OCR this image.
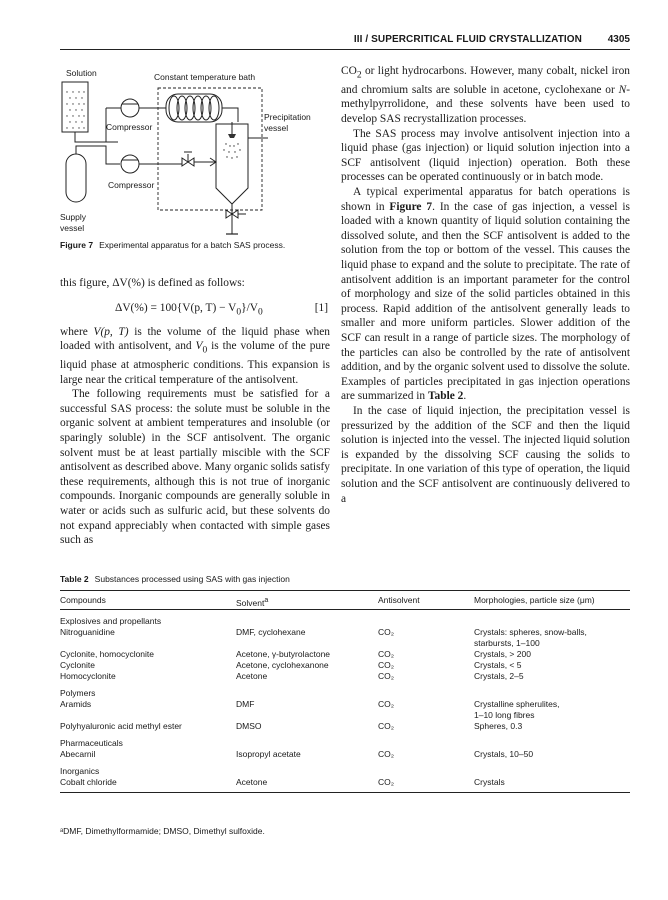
III / SUPERCRITICAL FLUID CRYSTALLIZATION	4305
Solution
Compressor
Constant temperature bath
Precipitation
vessel
Supply
vessel
Compressor
Figure 7 Experimental apparatus for a batch SAS process.

this figure, ΔV(%) is defined as follows:

ΔV(%) = 100{V(p, $T) - V_0\}/V_0$	[1]

where V(p, T) is the volume of the liquid phase when loaded with antisolvent, and $V_0$ is the volume of the pure liquid phase at atmospheric conditions. This expansion is large near the critical temperature of the antisolvent.

The following requirements must be satisfied for a successful SAS process: the solute must be soluble in the organic solvent at ambient temperatures and insoluble (or sparingly soluble) in the SCF antisolvent. The organic solvent must be at least partially miscible with the SCF antisolvent as described above. Many organic solids satisfy these requirements, although this is not true of inorganic compounds. Inorganic compounds are generally soluble in water or acids such as sulfuric acid, but these solvents do not expand appreciably when contacted with simple gases such as

$CO_2$ or light hydrocarbons. However, many cobalt, nickel iron and chromium salts are soluble in acetone, cyclohexane or N-methylpyrrolidone, and these solvents have been used to develop SAS recrystallization processes.

The SAS process may involve antisolvent injection into a liquid phase (gas injection) or liquid solution injection into a SCF antisolvent (liquid injection) operation. Both these processes can be operated continuously or in batch mode.

A typical experimental apparatus for batch operations is shown in Figure 7. In the case of gas injection, a vessel is loaded with a known quantity of liquid solution containing the dissolved solute, and then the SCF antisolvent is added to the solution from the top or bottom of the vessel. This causes the liquid phase to expand and the solute to precipitate. The rate of antisolvent addition is an important parameter for the control of morphology and size of the solid particles obtained in this process. Rapid addition of the antisolvent generally leads to smaller and more uniform particles. Slower addition of the SCF can result in a range of particle sizes. The morphology of the particles can also be controlled by the rate of antisolvent addition, and by the organic solvent used to dissolve the solute. Examples of particles precipitated in gas injection operations are summarized in Table 2.

In the case of liquid injection, the precipitation vessel is pressurized by the addition of the SCF and then the liquid solution is injected into the vessel. The injected liquid solution is expanded by the dissolving SCF causing the solids to precipitate. In one variation of this type of operation, the liquid solution and the SCF antisolvent are continuously delivered to a

Table 2 Substances processed using SAS with gas injection
Compounds	Solvent$^a$	Antisolvent	Morphologies, particle size (μm)
Explosives and propellants
Nitroguanidine	DMF, cyclohexane	CO₂	Crystals: spheres, snow-balls,
starbursts, 1–100
Cyclonite, homocyclonite	Acetone, γ-butyrolactone	CO₂	Crystals, > 200
Cyclonite	Acetone, cyclohexanone	CO₂	Crystals, < 5
Homocyclonite	Acetone	CO₂	Crystals, 2–5
Polymers
Aramids	DMF	CO₂	Crystalline spherulites,
1–10 long fibres
Polyhyaluronic acid methyl ester	DMSO	CO₂	Spheres, 0.3
Pharmaceuticals
Abecarnil	Isopropyl acetate	CO₂	Crystals, 10–50
Inorganics
Cobalt chloride	Acetone	CO₂	Crystals
ᵃDMF, Dimethylformamide; DMSO, Dimethyl sulfoxide.
